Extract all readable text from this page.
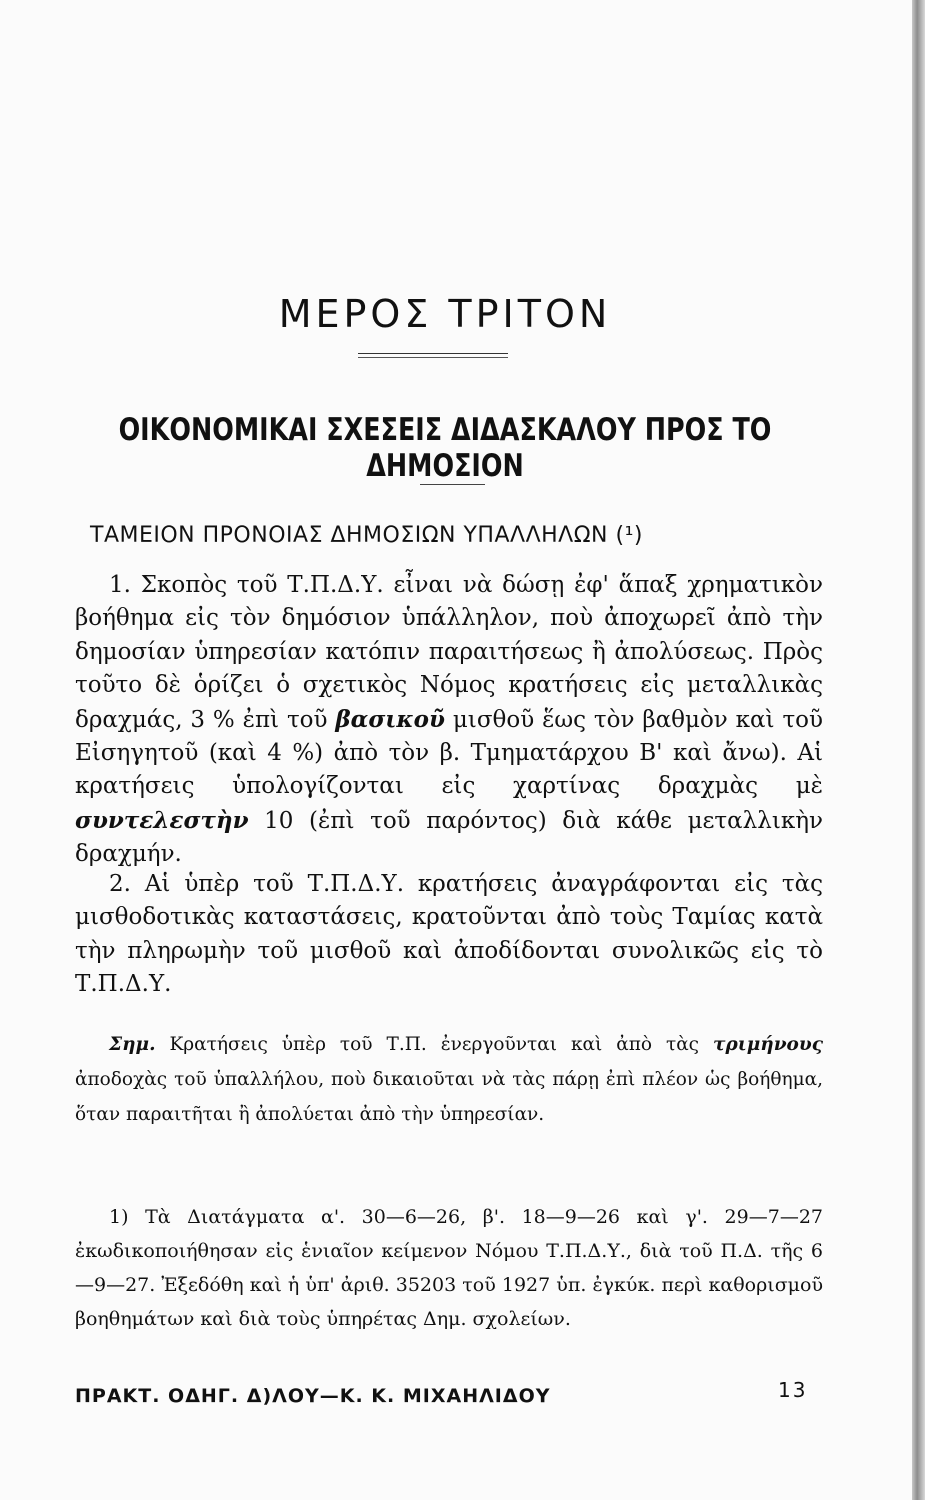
ΜΕΡΟΣ ΤΡΙΤΟΝ
ΟΙΚΟΝΟΜΙΚΑΙ ΣΧΕΣΕΙΣ ΔΙΔΑΣΚΑΛΟΥ ΠΡΟΣ ΤΟ ΔΗΜΟΣΙΟΝ
ΤΑΜΕΙΟΝ ΠΡΟΝΟΙΑΣ ΔΗΜΟΣΙΩΝ ΥΠΑΛΛΗΛΩΝ (¹)
1. Σκοπὸς τοῦ Τ.Π.Δ.Υ. εἶναι νὰ δώσῃ ἐφ' ἅπαξ χρηματικὸν βοήθημα εἰς τὸν δημόσιον ὑπάλληλον, ποὺ ἀποχωρεῖ ἀπὸ τὴν δημοσίαν ὑπηρεσίαν κατόπιν παραιτήσεως ἢ ἀπολύσεως. Πρὸς τοῦτο δὲ ὁρίζει ὁ σχετικὸς Νόμος κρατήσεις εἰς μεταλλικὰς δραχμάς, 3 % ἐπὶ τοῦ βασικοῦ μισθοῦ ἕως τὸν βαθμὸν καὶ τοῦ Εἰσηγητοῦ (καὶ 4 %) ἀπὸ τὸν β. Τμηματάρχου Β' καὶ ἄνω). Αἱ κρατήσεις ὑπολογίζονται εἰς χαρτίνας δραχμὰς μὲ συντελεστὴν 10 (ἐπὶ τοῦ παρόντος) διὰ κάθε μεταλλικὴν δραχμήν.
2. Αἱ ὑπὲρ τοῦ Τ.Π.Δ.Υ. κρατήσεις ἀναγράφονται εἰς τὰς μισθοδοτικὰς καταστάσεις, κρατοῦνται ἀπὸ τοὺς Ταμίας κατὰ τὴν πληρωμὴν τοῦ μισθοῦ καὶ ἀποδίδονται συνολικῶς εἰς τὸ Τ.Π.Δ.Υ.
Σημ. Κρατήσεις ὑπὲρ τοῦ Τ.Π. ἐνεργοῦνται καὶ ἀπὸ τὰς τριμήνους ἀποδοχὰς τοῦ ὑπαλλήλου, ποὺ δικαιοῦται νὰ τὰς πάρῃ ἐπὶ πλέον ὡς βοήθημα, ὅταν παραιτῆται ἢ ἀπολύεται ἀπὸ τὴν ὑπηρεσίαν.
1) Τὰ Διατάγματα α'. 30—6—26, β'. 18—9—26 καὶ γ'. 29—7—27 ἐκωδικοποιήθησαν εἰς ἑνιαῖον κείμενον Νόμου Τ.Π.Δ.Υ., διὰ τοῦ Π.Δ. τῆς 6—9—27. Ἐξεδόθη καὶ ἡ ὑπ' ἀριθ. 35203 τοῦ 1927 ὑπ. ἐγκύκ. περὶ καθορισμοῦ βοηθημάτων καὶ διὰ τοὺς ὑπηρέτας Δημ. σχολείων.
ΠΡΑΚΤ. ΟΔΗΓ. Δ)ΛΟΥ—Κ. Κ. ΜΙΧΑΗΛΙΔΟΥ	13
